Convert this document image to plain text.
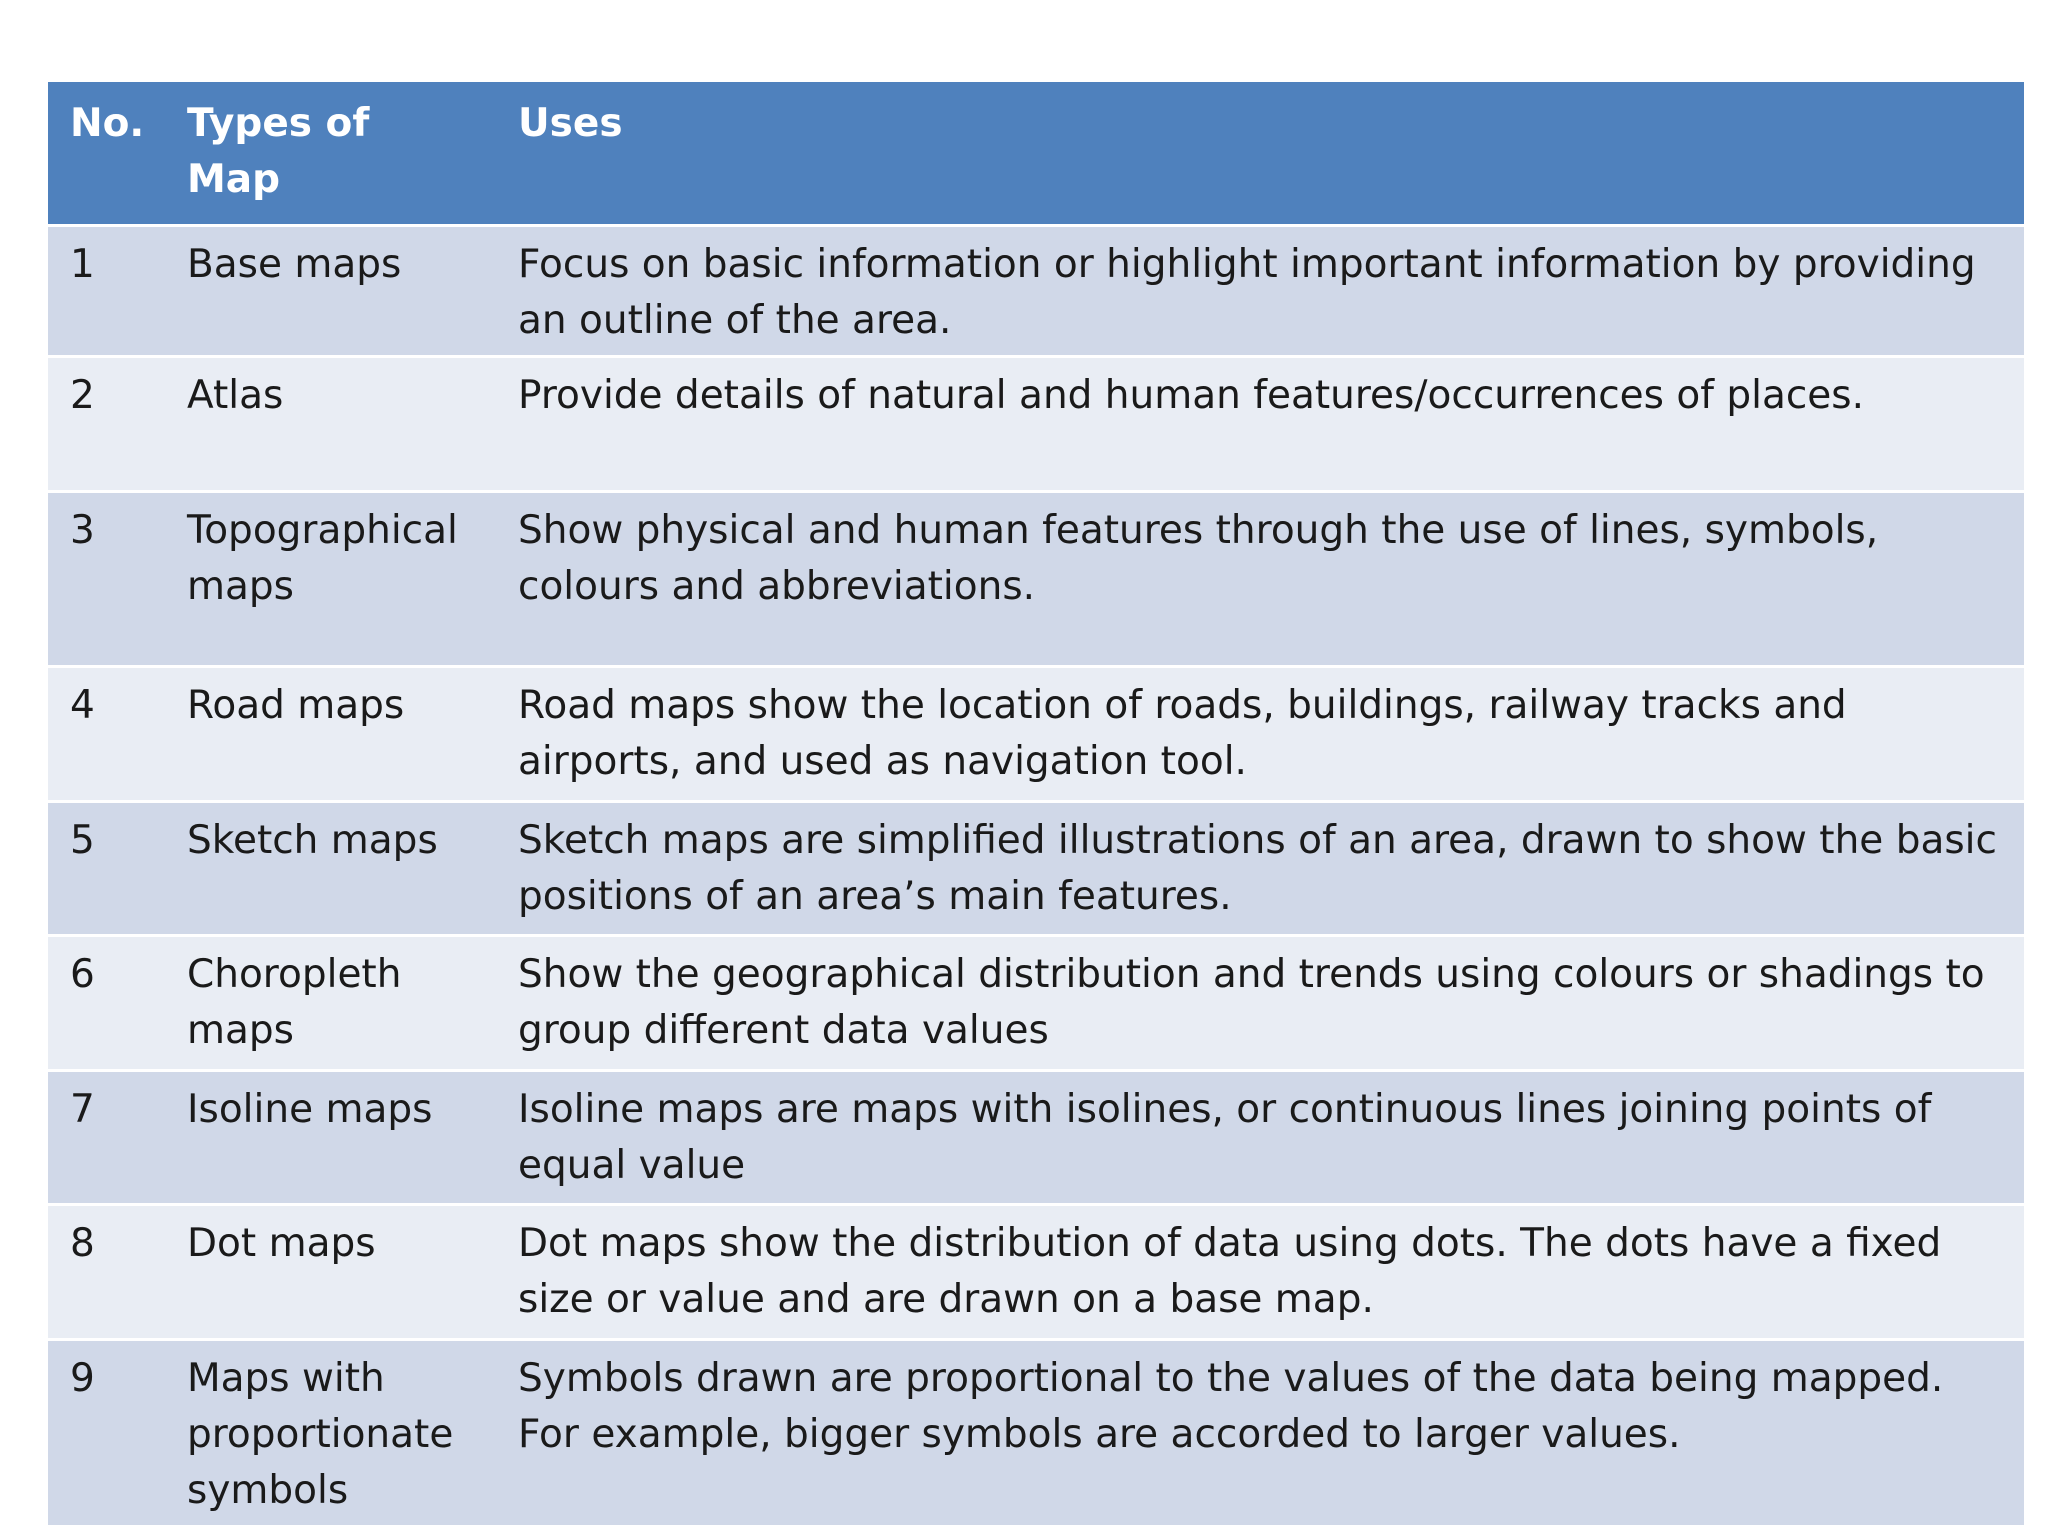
No.	Types of Map	Uses
1	Base maps	Focus on basic information or highlight important information by providing an outline of the area.
2	Atlas	Provide details of natural and human features/occurrences of places.
3	Topographical maps	Show physical and human features through the use of lines, symbols, colours and abbreviations.
4	Road maps	Road maps show the location of roads, buildings, railway tracks and airports, and used as navigation tool.
5	Sketch maps	Sketch maps are simplified illustrations of an area, drawn to show the basic positions of an area’s main features.
6	Choropleth maps	Show the geographical distribution and trends using colours or shadings to group different data values
7	Isoline maps	Isoline maps are maps with isolines, or continuous lines joining points of equal value
8	Dot maps	Dot maps show the distribution of data using dots. The dots have a fixed size or value and are drawn on a base map.
9	Maps with proportionate symbols	Symbols drawn are proportional to the values of the data being mapped. For example, bigger symbols are accorded to larger values.
